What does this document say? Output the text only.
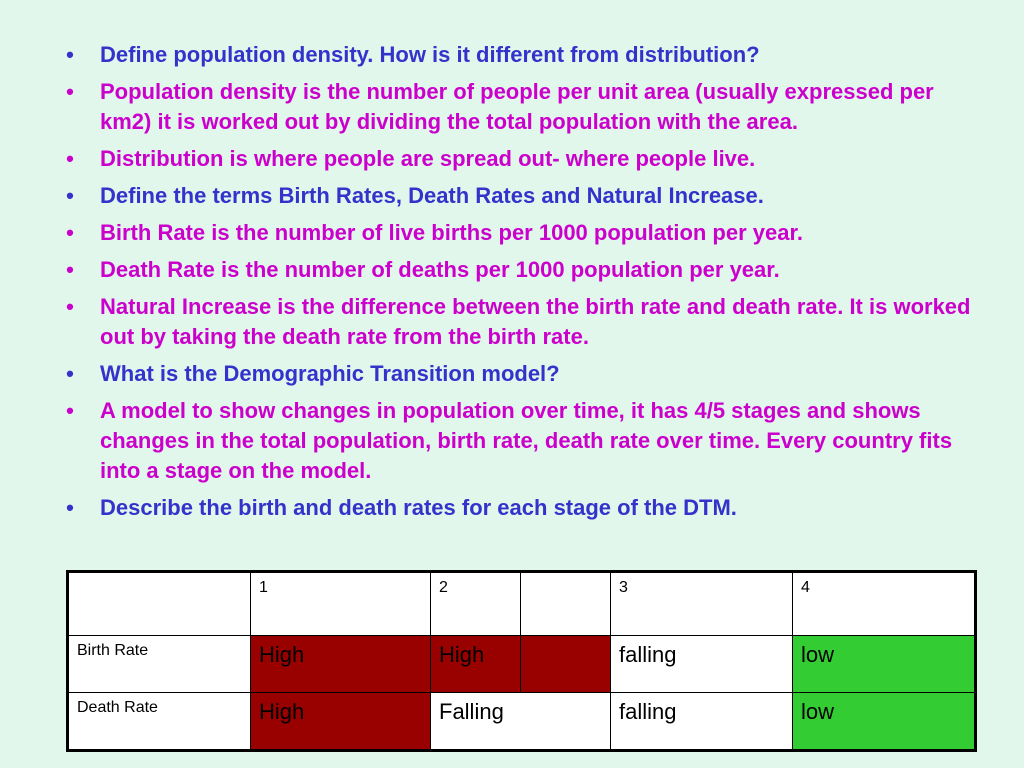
• Define population density. How is it different from distribution?
• Population density is the number of people per unit area (usually expressed per km2) it is worked out by dividing the total population with the area.
• Distribution is where people are spread out- where people live.
• Define the terms Birth Rates, Death Rates and Natural Increase.
• Birth Rate is the number of live births per 1000 population per year.
• Death Rate is the number of deaths per 1000 population per year.
• Natural Increase is the difference between the birth rate and death rate. It is worked out by taking the death rate from the birth rate.
• What is the Demographic Transition model?
• A model to show changes in population over time, it has 4/5 stages and shows changes in the total population, birth rate, death rate over time. Every country fits into a stage on the model.
• Describe the birth and death rates for each stage of the DTM.
	1	2		3	4
Birth Rate	High	High		falling	low
Death Rate	High	Falling		falling	low
